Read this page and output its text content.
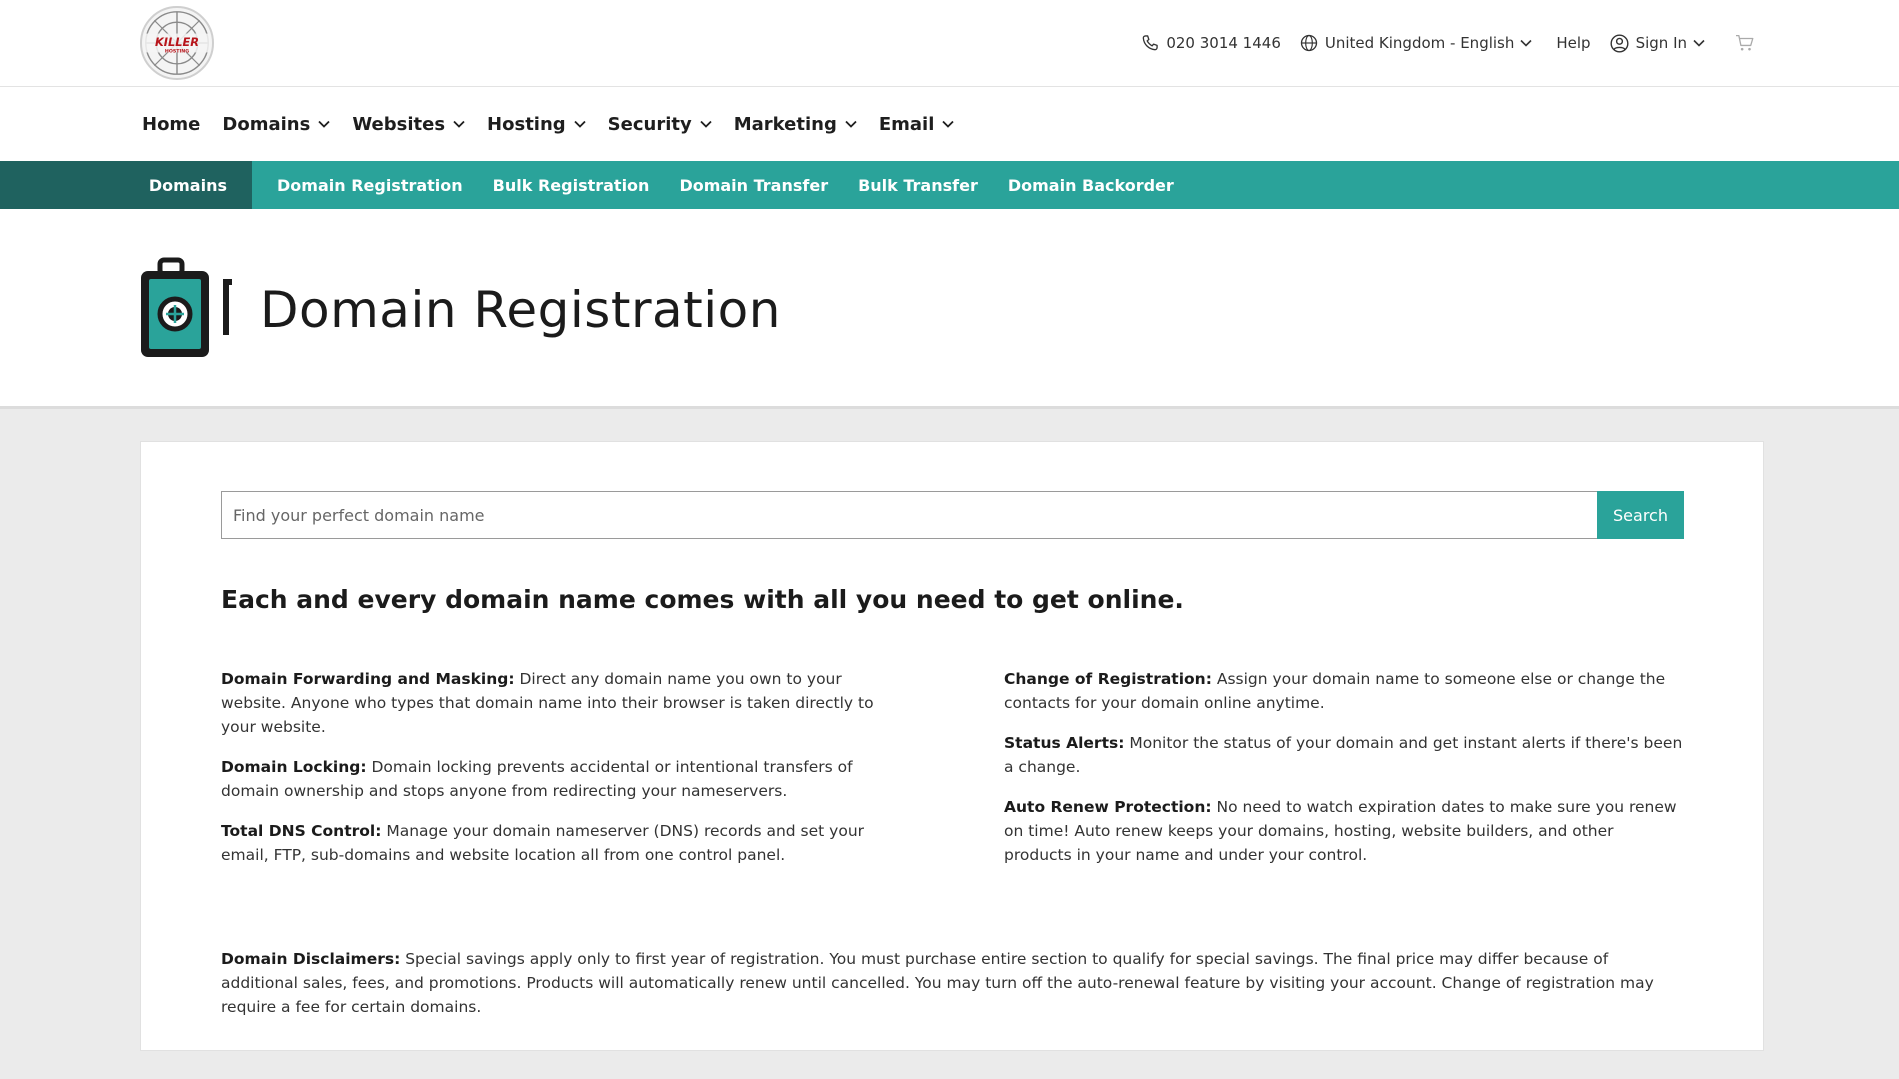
KILLER
HOSTING	020 3014 1446	United Kingdom - English	Help	Sign In
Home Domains Websites Hosting Security Marketing Email
Domains	Domain Registration Bulk Registration Domain Transfer Bulk Transfer Domain Backorder
Domain Registration
Find your perfect domain name
Search
Each and every domain name comes with all you need to get online.

Domain Forwarding and Masking: Direct any domain name you own to your website. Anyone who types that domain name into their browser is taken directly to your website.

Domain Locking: Domain locking prevents accidental or intentional transfers of domain ownership and stops anyone from redirecting your nameservers.

Total DNS Control: Manage your domain nameserver (DNS) records and set your email, FTP, sub-domains and website location all from one control panel.

Change of Registration: Assign your domain name to someone else or change the contacts for your domain online anytime.

Status Alerts: Monitor the status of your domain and get instant alerts if there's been a change.

Auto Renew Protection: No need to watch expiration dates to make sure you renew on time! Auto renew keeps your domains, hosting, website builders, and other products in your name and under your control.

Domain Disclaimers: Special savings apply only to first year of registration. You must purchase entire section to qualify for special savings. The final price may differ because of additional sales, fees, and promotions. Products will automatically renew until cancelled. You may turn off the auto-renewal feature by visiting your account. Change of registration may require a fee for certain domains.
